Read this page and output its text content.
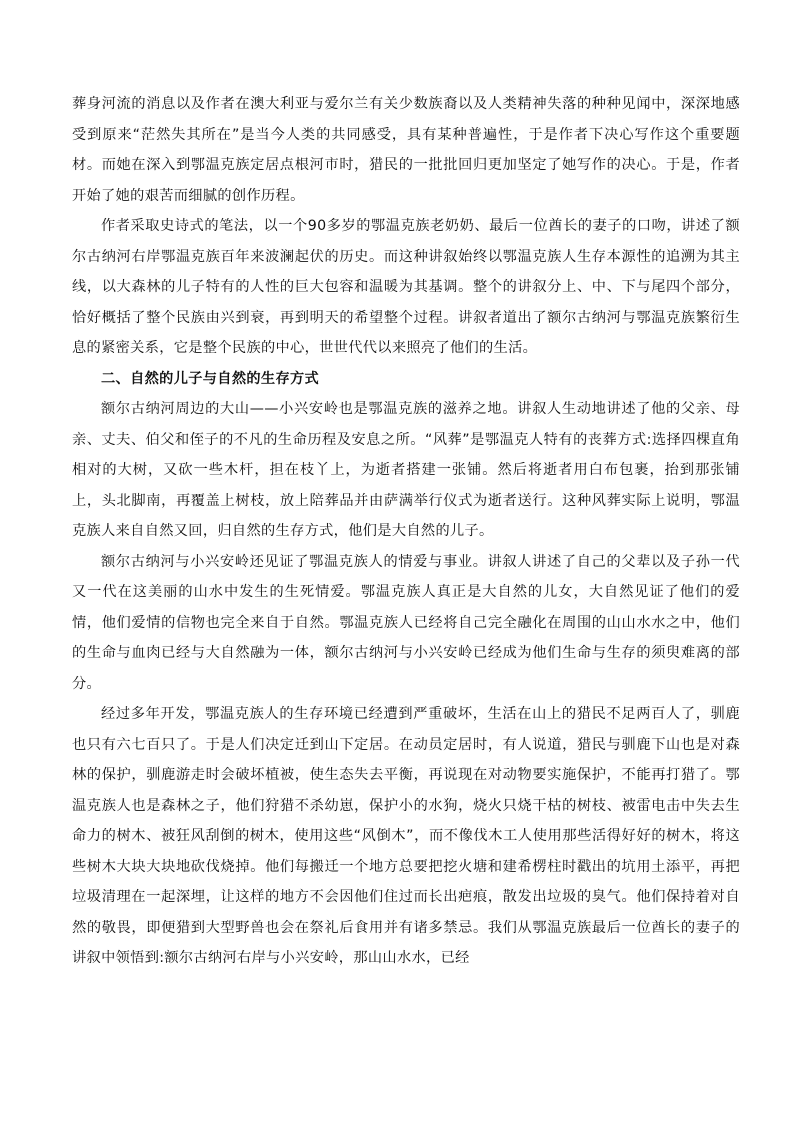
葬身河流的消息以及作者在澳大利亚与爱尔兰有关少数族裔以及人类精神失落的种种见闻中，深深地感受到原来“茫然失其所在”是当今人类的共同感受，具有某种普遍性，于是作者下决心写作这个重要题材。而她在深入到鄂温克族定居点根河市时，猎民的一批批回归更加坚定了她写作的决心。于是，作者开始了她的艰苦而细腻的创作历程。

作者采取史诗式的笔法，以一个90多岁的鄂温克族老奶奶、最后一位酋长的妻子的口吻，讲述了额尔古纳河右岸鄂温克族百年来波澜起伏的历史。而这种讲叙始终以鄂温克族人生存本源性的追溯为其主线，以大森林的儿子特有的人性的巨大包容和温暖为其基调。整个的讲叙分上、中、下与尾四个部分，恰好概括了整个民族由兴到衰，再到明天的希望整个过程。讲叙者道出了额尔古纳河与鄂温克族繁衍生息的紧密关系，它是整个民族的中心，世世代代以来照亮了他们的生活。

二、自然的儿子与自然的生存方式

额尔古纳河周边的大山——小兴安岭也是鄂温克族的滋养之地。讲叙人生动地讲述了他的父亲、母亲、丈夫、伯父和侄子的不凡的生命历程及安息之所。“风葬”是鄂温克人特有的丧葬方式:选择四棵直角相对的大树，又砍一些木杆，担在枝丫上，为逝者搭建一张铺。然后将逝者用白布包裹，抬到那张铺上，头北脚南，再覆盖上树枝，放上陪葬品并由萨满举行仪式为逝者送行。这种风葬实际上说明，鄂温克族人来自自然又回，归自然的生存方式，他们是大自然的儿子。

额尔古纳河与小兴安岭还见证了鄂温克族人的情爱与事业。讲叙人讲述了自己的父辈以及子孙一代又一代在这美丽的山水中发生的生死情爱。鄂温克族人真正是大自然的儿女，大自然见证了他们的爱情，他们爱情的信物也完全来自于自然。鄂温克族人已经将自己完全融化在周围的山山水水之中，他们的生命与血肉已经与大自然融为一体，额尔古纳河与小兴安岭已经成为他们生命与生存的须臾难离的部分。

经过多年开发，鄂温克族人的生存环境已经遭到严重破坏，生活在山上的猎民不足两百人了，驯鹿也只有六七百只了。于是人们决定迁到山下定居。在动员定居时，有人说道，猎民与驯鹿下山也是对森林的保护，驯鹿游走时会破坏植被，使生态失去平衡，再说现在对动物要实施保护，不能再打猎了。鄂温克族人也是森林之子，他们狩猎不杀幼崽，保护小的水狗，烧火只烧干枯的树枝、被雷电击中失去生命力的树木、被狂风刮倒的树木，使用这些“风倒木”，而不像伐木工人使用那些活得好好的树木，将这些树木大块大块地砍伐烧掉。他们每搬迁一个地方总要把挖火塘和建希楞柱时戳出的坑用土添平，再把垃圾清理在一起深埋，让这样的地方不会因他们住过而长出疤痕，散发出垃圾的臭气。他们保持着对自然的敬畏，即便猎到大型野兽也会在祭礼后食用并有诸多禁忌。我们从鄂温克族最后一位酋长的妻子的讲叙中领悟到:额尔古纳河右岸与小兴安岭，那山山水水，已经
